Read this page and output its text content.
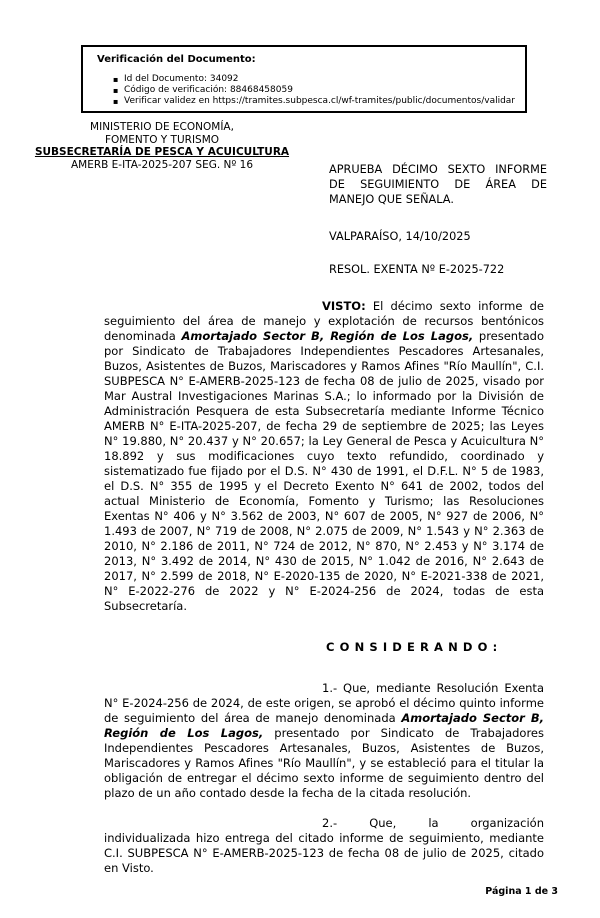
Verificación del Documento:
▪ Id del Documento: 34092
▪ Código de verificación: 88468458059
▪ Verificar validez en https://tramites.subpesca.cl/wf-tramites/public/documentos/validar
MINISTERIO DE ECONOMÍA,
FOMENTO Y TURISMO
SUBSECRETARÍA DE PESCA Y ACUICULTURA
AMERB E-ITA-2025-207 SEG. Nº 16	APRUEBA DÉCIMO SEXTO INFORME DE SEGUIMIENTO DE ÁREA DE MANEJO QUE SEÑALA.

VALPARAÍSO, 14/10/2025

RESOL. EXENTA Nº E-2025-722

VISTO: El décimo sexto informe de seguimiento del área de manejo y explotación de recursos bentónicos denominada Amortajado Sector B, Región de Los Lagos, presentado por Sindicato de Trabajadores Independientes Pescadores Artesanales, Buzos, Asistentes de Buzos, Mariscadores y Ramos Afines "Río Maullín", C.I. SUBPESCA N° E-AMERB-2025-123 de fecha 08 de julio de 2025, visado por Mar Austral Investigaciones Marinas S.A.; lo informado por la División de Administración Pesquera de esta Subsecretaría mediante Informe Técnico AMERB N° E-ITA-2025-207, de fecha 29 de septiembre de 2025; las Leyes N° 19.880, N° 20.437 y N° 20.657; la Ley General de Pesca y Acuicultura N° 18.892 y sus modificaciones cuyo texto refundido, coordinado y sistematizado fue fijado por el D.S. N° 430 de 1991, el D.F.L. N° 5 de 1983, el D.S. N° 355 de 1995 y el Decreto Exento N° 641 de 2002, todos del actual Ministerio de Economía, Fomento y Turismo; las Resoluciones Exentas N° 406 y N° 3.562 de 2003, N° 607 de 2005, N° 927 de 2006, N° 1.493 de 2007, N° 719 de 2008, N° 2.075 de 2009, N° 1.543 y N° 2.363 de 2010, N° 2.186 de 2011, N° 724 de 2012, N° 870, N° 2.453 y N° 3.174 de 2013, N° 3.492 de 2014, N° 430 de 2015, N° 1.042 de 2016, N° 2.643 de 2017, N° 2.599 de 2018, N° E-2020-135 de 2020, N° E-2021-338 de 2021, N° E-2022-276 de 2022 y N° E-2024-256 de 2024, todas de esta Subsecretaría.

CONSIDERANDO:

1.- Que, mediante Resolución Exenta N° E-2024-256 de 2024, de este origen, se aprobó el décimo quinto informe de seguimiento del área de manejo denominada Amortajado Sector B, Región de Los Lagos, presentado por Sindicato de Trabajadores Independientes Pescadores Artesanales, Buzos, Asistentes de Buzos, Mariscadores y Ramos Afines "Río Maullín", y se estableció para el titular la obligación de entregar el décimo sexto informe de seguimiento dentro del plazo de un año contado desde la fecha de la citada resolución.

2.- Que, la organización individualizada hizo entrega del citado informe de seguimiento, mediante C.I. SUBPESCA N° E-AMERB-2025-123 de fecha 08 de julio de 2025, citado en Visto.

Página 1 de 3
